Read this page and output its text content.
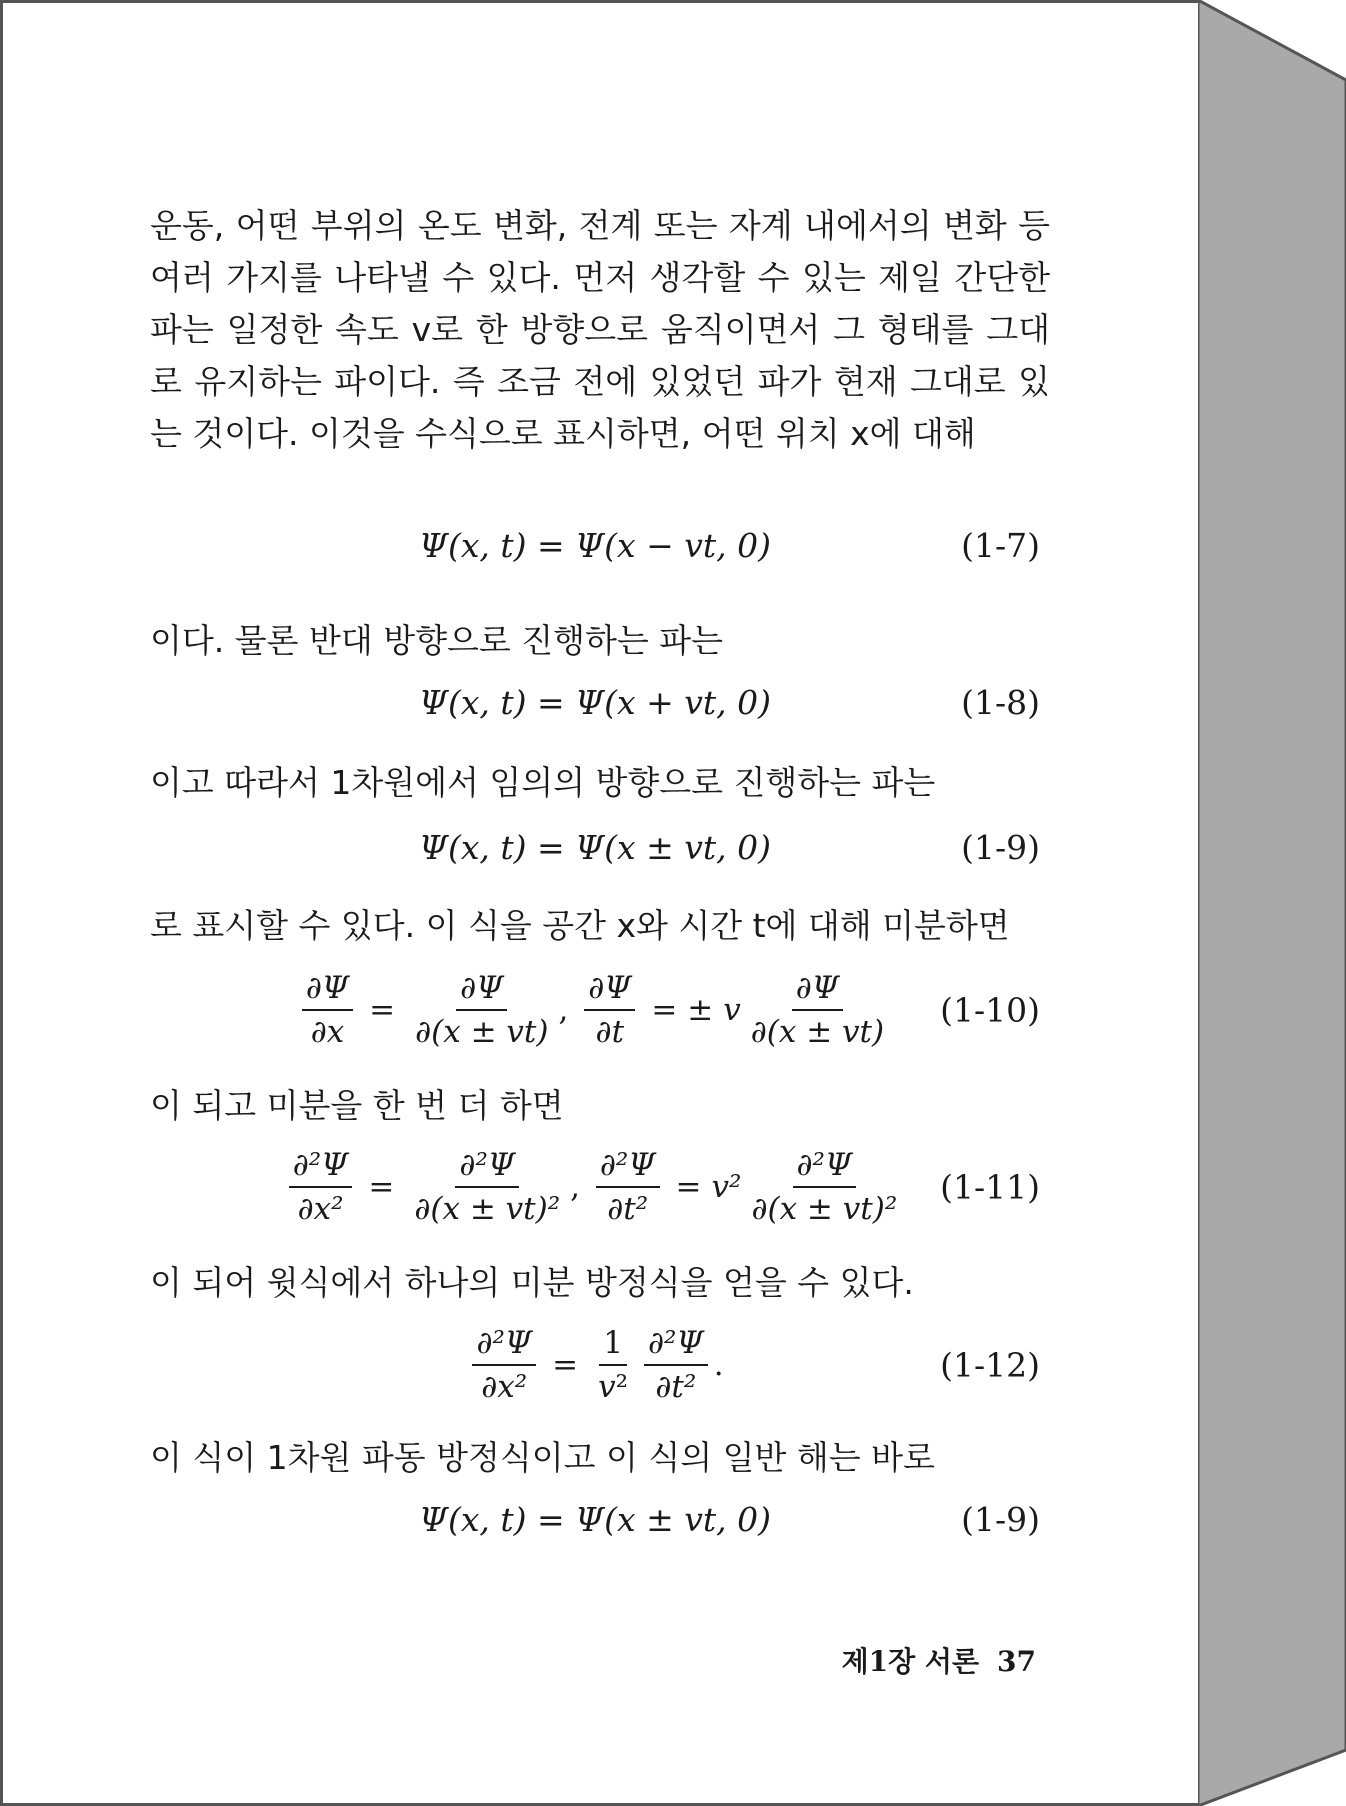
운동, 어떤 부위의 온도 변화, 전계 또는 자계 내에서의 변화 등
여러 가지를 나타낼 수 있다. 먼저 생각할 수 있는 제일 간단한
파는 일정한 속도 v로 한 방향으로 움직이면서 그 형태를 그대
로 유지하는 파이다. 즉 조금 전에 있었던 파가 현재 그대로 있
는 것이다. 이것을 수식으로 표시하면, 어떤 위치 x에 대해
Ψ(x, t) = Ψ(x − vt, 0)	(1-7)
이다. 물론 반대 방향으로 진행하는 파는
Ψ(x, t) = Ψ(x + vt, 0)	(1-8)
이고 따라서 1차원에서 임의의 방향으로 진행하는 파는
Ψ(x, t) = Ψ(x ± vt, 0)	(1-9)
로 표시할 수 있다. 이 식을 공간 x와 시간 t에 대해 미분하면
$\frac{\partial\Psi}{\partial x} = \frac{\partial\Psi}{\partial(x \pm vt)}$ , $\frac{\partial\Psi}{\partial t}$ = ± v $\frac{\partial\Psi}{\partial(x \pm vt)} (1-10)$
이 되고 미분을 한 번 더 하면
$\frac{\text{∂²Ψ}}{\text{∂x²}} = \frac{\text{∂²Ψ}}{\text{∂(x ± vt)²}}$ , $\frac{\text{∂²Ψ}}{\text{∂t²}} = v^2 \frac{\text{∂²Ψ}}{\text{∂(x ± vt)²}} (1-11)$
이 되어 윗식에서 하나의 미분 방정식을 얻을 수 있다.
$\frac{\text{∂²Ψ}}{\text{∂x²}} = \frac{1}{\text{v²}} \frac{\text{∂²Ψ}}{\text{∂t²}}$ .	(1-12)
이 식이 1차원 파동 방정식이고 이 식의 일반 해는 바로
Ψ(x, t) = Ψ(x ± vt, 0)	(1-9)
제1장 서론 37
